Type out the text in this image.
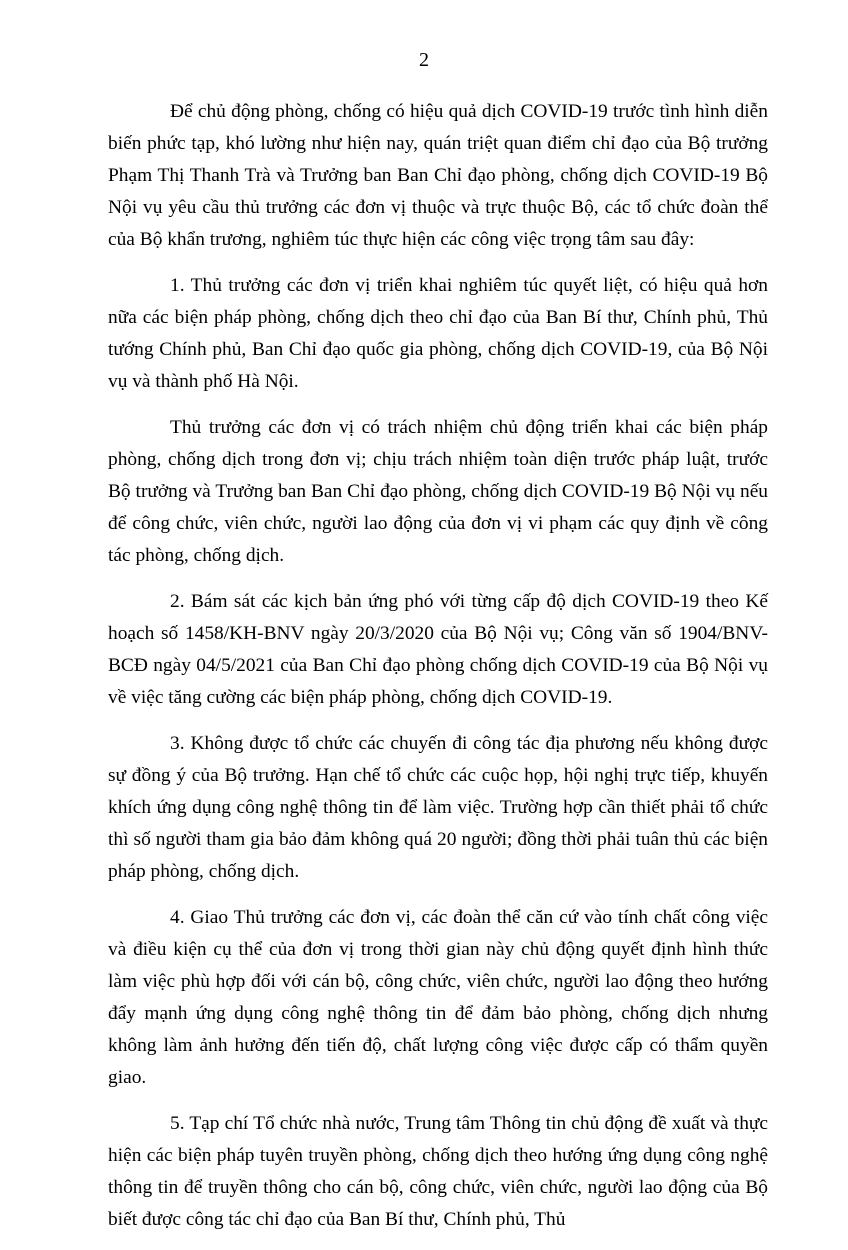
2

Để chủ động phòng, chống có hiệu quả dịch COVID-19 trước tình hình diễn biến phức tạp, khó lường như hiện nay, quán triệt quan điểm chỉ đạo của Bộ trưởng Phạm Thị Thanh Trà và Trưởng ban Ban Chỉ đạo phòng, chống dịch COVID-19 Bộ Nội vụ yêu cầu thủ trưởng các đơn vị thuộc và trực thuộc Bộ, các tổ chức đoàn thể của Bộ khẩn trương, nghiêm túc thực hiện các công việc trọng tâm sau đây:

1. Thủ trưởng các đơn vị triển khai nghiêm túc quyết liệt, có hiệu quả hơn nữa các biện pháp phòng, chống dịch theo chỉ đạo của Ban Bí thư, Chính phủ, Thủ tướng Chính phủ, Ban Chỉ đạo quốc gia phòng, chống dịch COVID-19, của Bộ Nội vụ và thành phố Hà Nội.

Thủ trưởng các đơn vị có trách nhiệm chủ động triển khai các biện pháp phòng, chống dịch trong đơn vị; chịu trách nhiệm toàn diện trước pháp luật, trước Bộ trưởng và Trưởng ban Ban Chỉ đạo phòng, chống dịch COVID-19 Bộ Nội vụ nếu để công chức, viên chức, người lao động của đơn vị vi phạm các quy định về công tác phòng, chống dịch.

2. Bám sát các kịch bản ứng phó với từng cấp độ dịch COVID-19 theo Kế hoạch số 1458/KH-BNV ngày 20/3/2020 của Bộ Nội vụ; Công văn số 1904/BNV-BCĐ ngày 04/5/2021 của Ban Chỉ đạo phòng chống dịch COVID-19 của Bộ Nội vụ về việc tăng cường các biện pháp phòng, chống dịch COVID-19.

3. Không được tổ chức các chuyến đi công tác địa phương nếu không được sự đồng ý của Bộ trưởng. Hạn chế tổ chức các cuộc họp, hội nghị trực tiếp, khuyến khích ứng dụng công nghệ thông tin để làm việc. Trường hợp cần thiết phải tổ chức thì số người tham gia bảo đảm không quá 20 người; đồng thời phải tuân thủ các biện pháp phòng, chống dịch.

4. Giao Thủ trưởng các đơn vị, các đoàn thể căn cứ vào tính chất công việc và điều kiện cụ thể của đơn vị trong thời gian này chủ động quyết định hình thức làm việc phù hợp đối với cán bộ, công chức, viên chức, người lao động theo hướng đẩy mạnh ứng dụng công nghệ thông tin để đảm bảo phòng, chống dịch nhưng không làm ảnh hưởng đến tiến độ, chất lượng công việc được cấp có thẩm quyền giao.

5. Tạp chí Tổ chức nhà nước, Trung tâm Thông tin chủ động đề xuất và thực hiện các biện pháp tuyên truyền phòng, chống dịch theo hướng ứng dụng công nghệ thông tin để truyền thông cho cán bộ, công chức, viên chức, người lao động của Bộ biết được công tác chỉ đạo của Ban Bí thư, Chính phủ, Thủ
